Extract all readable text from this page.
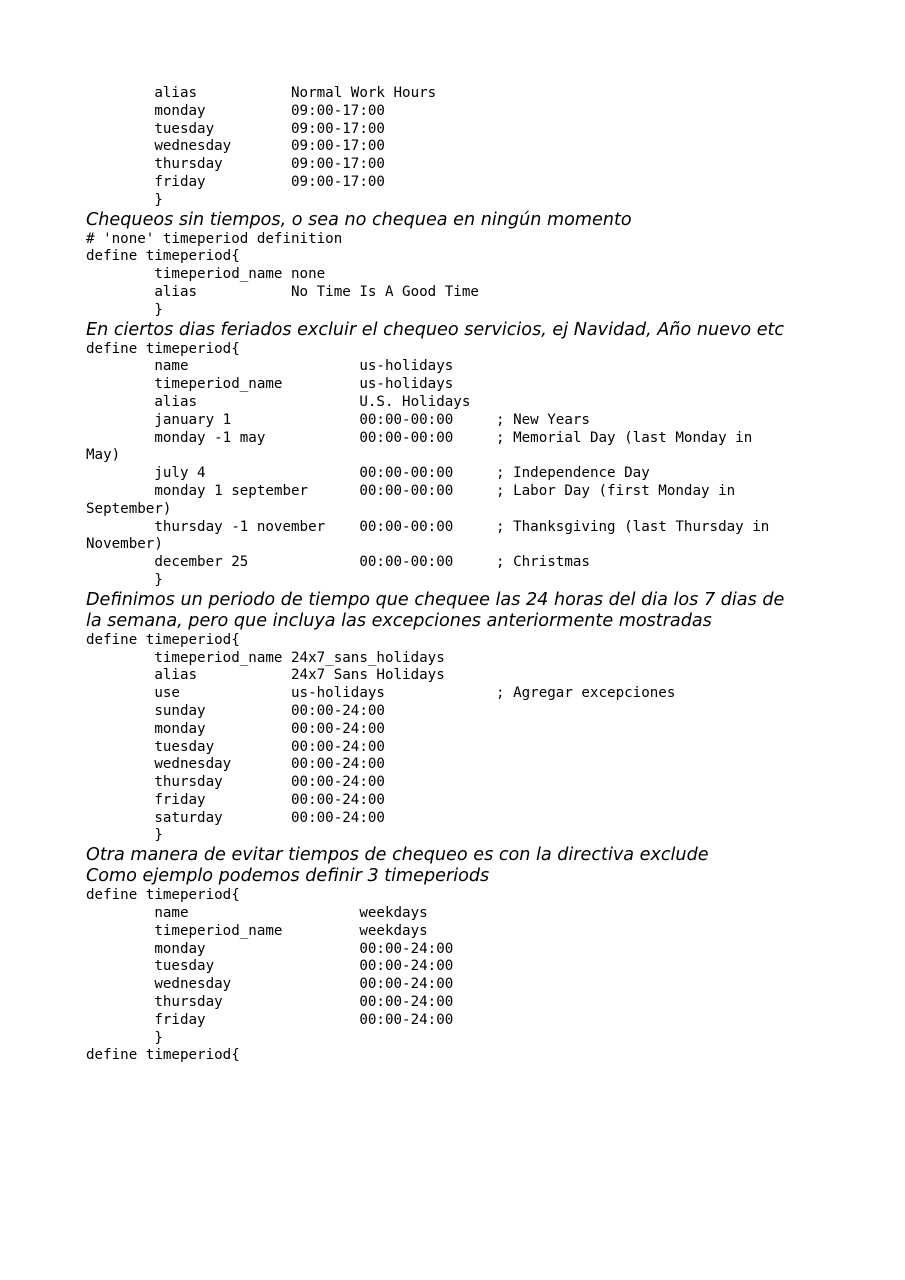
alias           Normal Work Hours
monday          09:00-17:00
tuesday         09:00-17:00
wednesday       09:00-17:00
thursday        09:00-17:00
friday          09:00-17:00
}

Chequeos sin tiempos, o sea no chequea en ningún momento

# 'none' timeperiod definition
define timeperiod{
timeperiod_name none
alias           No Time Is A Good Time
}

En ciertos dias feriados excluir el chequeo servicios, ej Navidad, Año nuevo etc

define timeperiod{
name                    us-holidays
timeperiod_name         us-holidays
alias                   U.S. Holidays
january 1               00:00-00:00     ; New Years
monday -1 may           00:00-00:00     ; Memorial Day (last Monday in
May)
july 4                  00:00-00:00     ; Independence Day
monday 1 september      00:00-00:00     ; Labor Day (first Monday in
September)
thursday -1 november    00:00-00:00     ; Thanksgiving (last Thursday in
November)
december 25             00:00-00:00     ; Christmas
}

Definimos un periodo de tiempo que chequee las 24 horas del dia los 7 dias de
la semana, pero que incluya las excepciones anteriormente mostradas

define timeperiod{
timeperiod_name 24x7_sans_holidays
alias           24x7 Sans Holidays
use             us-holidays             ; Agregar excepciones
sunday          00:00-24:00
monday          00:00-24:00
tuesday         00:00-24:00
wednesday       00:00-24:00
thursday        00:00-24:00
friday          00:00-24:00
saturday        00:00-24:00
}

Otra manera de evitar tiempos de chequeo es con la directiva exclude

Como ejemplo podemos definir 3 timeperiods

define timeperiod{
name                    weekdays
timeperiod_name         weekdays
monday                  00:00-24:00
tuesday                 00:00-24:00
wednesday               00:00-24:00
thursday                00:00-24:00
friday                  00:00-24:00
}
define timeperiod{
